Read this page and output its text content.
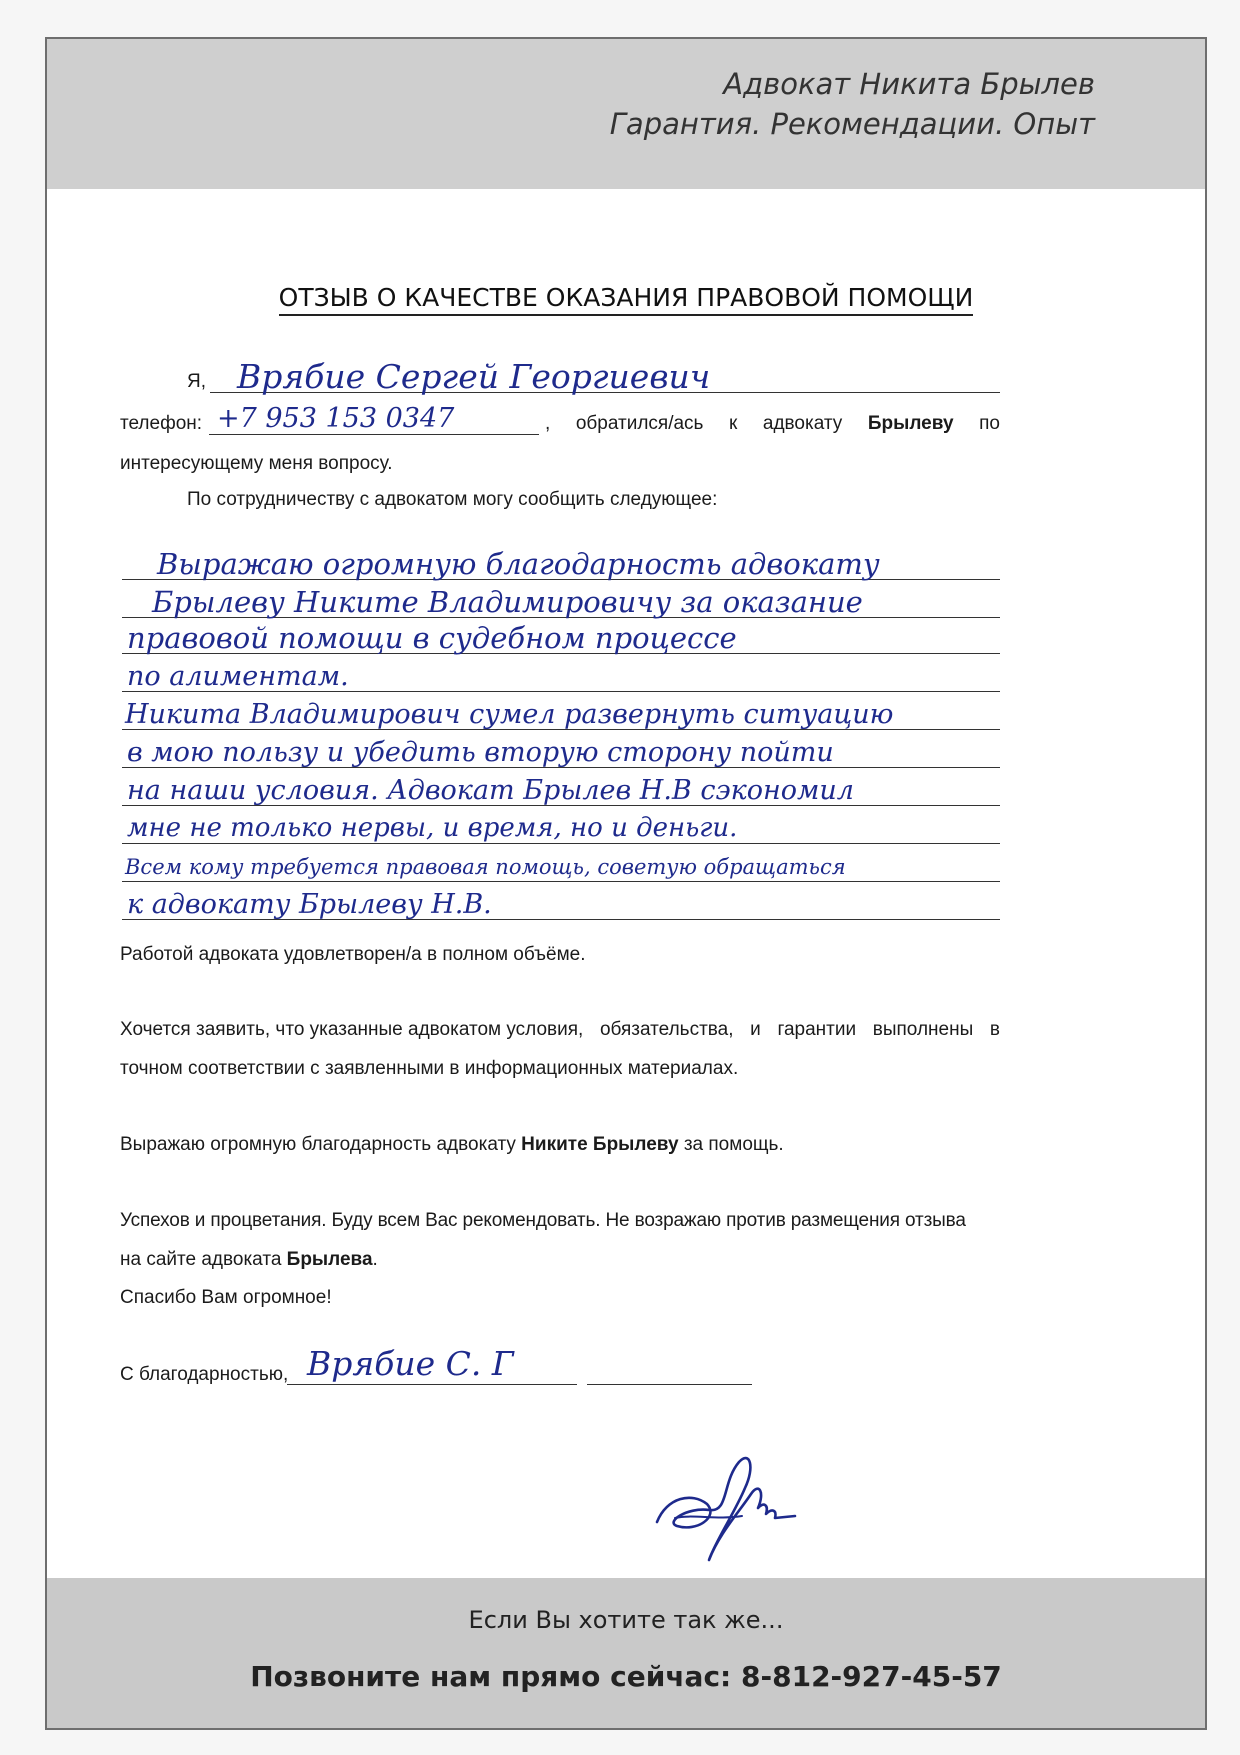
Адвокат Никита Брылев
Гарантия. Рекомендации. Опыт
ОТЗЫВ О КАЧЕСТВЕ ОКАЗАНИЯ ПРАВОВОЙ ПОМОЩИ
Я, Врябие Сергей Георгиевич
телефон: +7 953 153 0347	, обратился/ась к адвокату Брылеву по
интересующему меня вопросу.
По сотрудничеству с адвокатом могу сообщить следующее:
Выражаю огромную благодарность адвокату
Брылеву Никите Владимировичу за оказание
правовой помощи в судебном процессе
по алиментам.
Никита Владимирович сумел развернуть ситуацию
в мою пользу и убедить вторую сторону пойти
на наши условия. Адвокат Брылев Н.В сэкономил
мне не только нервы, и время, но и деньги.
Всем кому требуется правовая помощь, советую обращаться
к адвокату Брылеву Н.В.
Работой адвоката удовлетворен/а в полном объёме.
Хочется заявить, что указанные адвокатом условия, обязательства, и гарантии выполнены в
точном соответствии с заявленными в информационных материалах.
Выражаю огромную благодарность адвокату Никите Брылеву за помощь.
Успехов и процветания. Буду всем Вас рекомендовать. Не возражаю против размещения отзыва
на сайте адвоката Брылева.
Спасибо Вам огромное!
С благодарностью, Врябие С. Г
Если Вы хотите так же...
Позвоните нам прямо сейчас: 8-812-927-45-57
